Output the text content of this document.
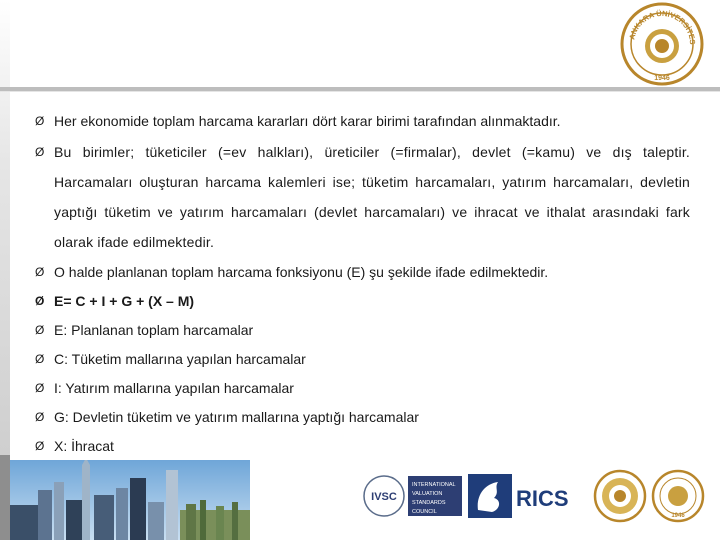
ANKARA ÜNİVERSİTES
1946
Ø Her ekonomide toplam harcama kararları dört karar birimi tarafından alınmaktadır.
Ø Bu birimler; tüketiciler (=ev halkları), üreticiler (=firmalar), devlet (=kamu) ve dış taleptir. Harcamaları oluşturan harcama kalemleri ise; tüketim harcamaları, yatırım harcamaları, devletin yaptığı tüketim ve yatırım harcamaları (devlet harcamaları) ve ihracat ve ithalat arasındaki fark olarak ifade edilmektedir.
Ø O halde planlanan toplam harcama fonksiyonu (E) şu şekilde ifade edilmektedir.
Ø E= C + I + G + (X – M)
Ø E: Planlanan toplam harcamalar
Ø C: Tüketim mallarına yapılan harcamalar
Ø I: Yatırım mallarına yapılan harcamalar
Ø G: Devletin tüketim ve yatırım mallarına yaptığı harcamalar
Ø X: İhracat
IVSC
INTERNATIONAL
VALUATION
STANDARDS
COUNCIL
RICS
1946
